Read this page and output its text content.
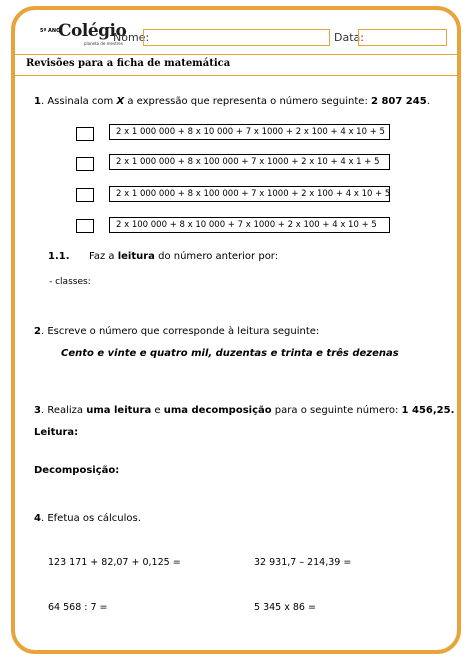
5º ANO
Colégio
planeta de mestres
Nome:	Data:
Revisões para a ficha de matemática
1. Assinala com X a expressão que representa o número seguinte: 2 807 245.
2 x 1 000 000 + 8 x 10 000 + 7 x 1000 + 2 x 100 + 4 x 10 + 5
2 x 1 000 000 + 8 x 100 000 + 7 x 1000 + 2 x 10 + 4 x 1 + 5
2 x 1 000 000 + 8 x 100 000 + 7 x 1000 + 2 x 100 + 4 x 10 + 5
2 x 100 000 + 8 x 10 000 + 7 x 1000 + 2 x 100 + 4 x 10 + 5
1.1. Faz a leitura do número anterior por:
- classes:
2. Escreve o número que corresponde à leitura seguinte:
Cento e vinte e quatro mil, duzentas e trinta e três dezenas
3. Realiza uma leitura e uma decomposição para o seguinte número: 1 456,25.
Leitura:
Decomposição:
4. Efetua os cálculos.
123 171 + 82,07 + 0,125 =	32 931,7 – 214,39 =
64 568 : 7 =	5 345 x 86 =
